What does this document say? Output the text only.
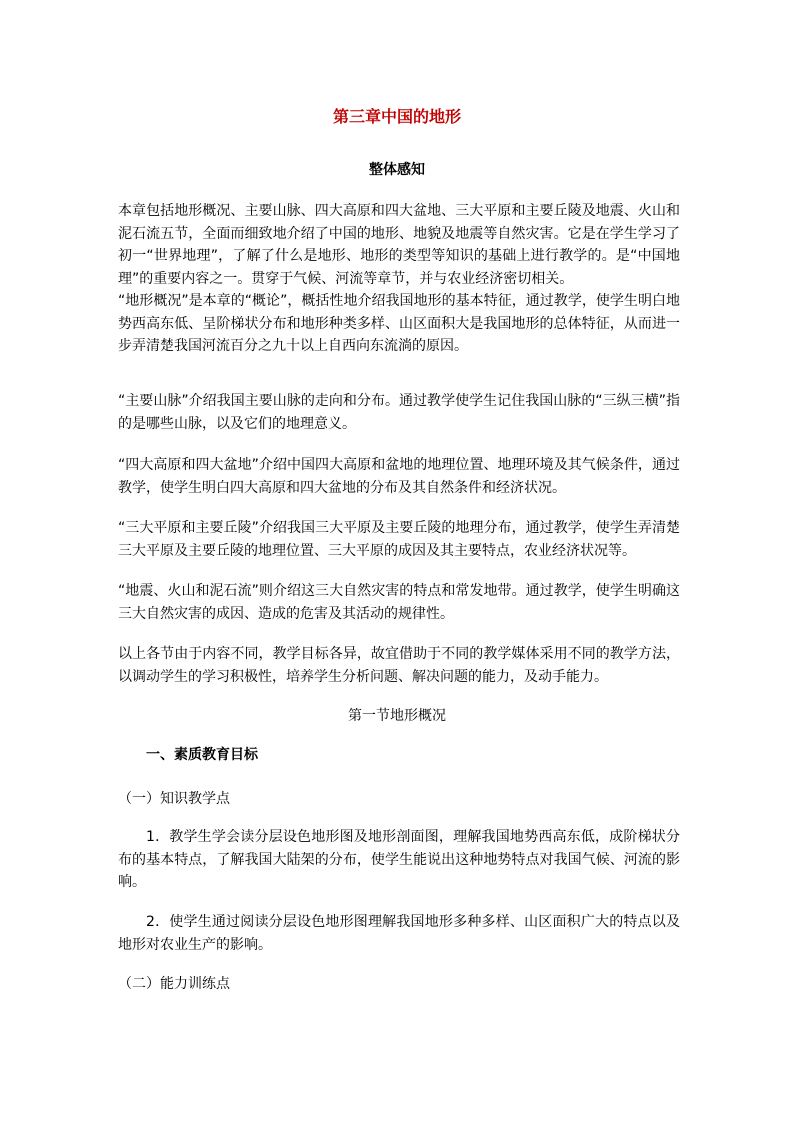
第三章中国的地形
整体感知

本章包括地形概况、主要山脉、四大高原和四大盆地、三大平原和主要丘陵及地震、火山和泥石流五节，全面而细致地介绍了中国的地形、地貌及地震等自然灾害。它是在学生学习了初一“世界地理”，了解了什么是地形、地形的类型等知识的基础上进行教学的。是“中国地理”的重要内容之一。贯穿于气候、河流等章节，并与农业经济密切相关。

“地形概况”是本章的“概论”，概括性地介绍我国地形的基本特征，通过教学，使学生明白地势西高东低、呈阶梯状分布和地形种类多样、山区面积大是我国地形的总体特征，从而进一步弄清楚我国河流百分之九十以上自西向东流淌的原因。

“主要山脉”介绍我国主要山脉的走向和分布。通过教学使学生记住我国山脉的“三纵三横”指的是哪些山脉，以及它们的地理意义。

“四大高原和四大盆地”介绍中国四大高原和盆地的地理位置、地理环境及其气候条件，通过教学，使学生明白四大高原和四大盆地的分布及其自然条件和经济状况。

“三大平原和主要丘陵”介绍我国三大平原及主要丘陵的地理分布，通过教学，使学生弄清楚三大平原及主要丘陵的地理位置、三大平原的成因及其主要特点，农业经济状况等。

“地震、火山和泥石流”则介绍这三大自然灾害的特点和常发地带。通过教学，使学生明确这三大自然灾害的成因、造成的危害及其活动的规律性。

以上各节由于内容不同，教学目标各异，故宜借助于不同的教学媒体采用不同的教学方法，以调动学生的学习积极性，培养学生分析问题、解决问题的能力，及动手能力。

第一节地形概况
一、素质教育目标
（一）知识教学点

1．教学生学会读分层设色地形图及地形剖面图，理解我国地势西高东低，成阶梯状分布的基本特点，了解我国大陆架的分布，使学生能说出这种地势特点对我国气候、河流的影响。

2．使学生通过阅读分层设色地形图理解我国地形多种多样、山区面积广大的特点以及地形对农业生产的影响。

（二）能力训练点
